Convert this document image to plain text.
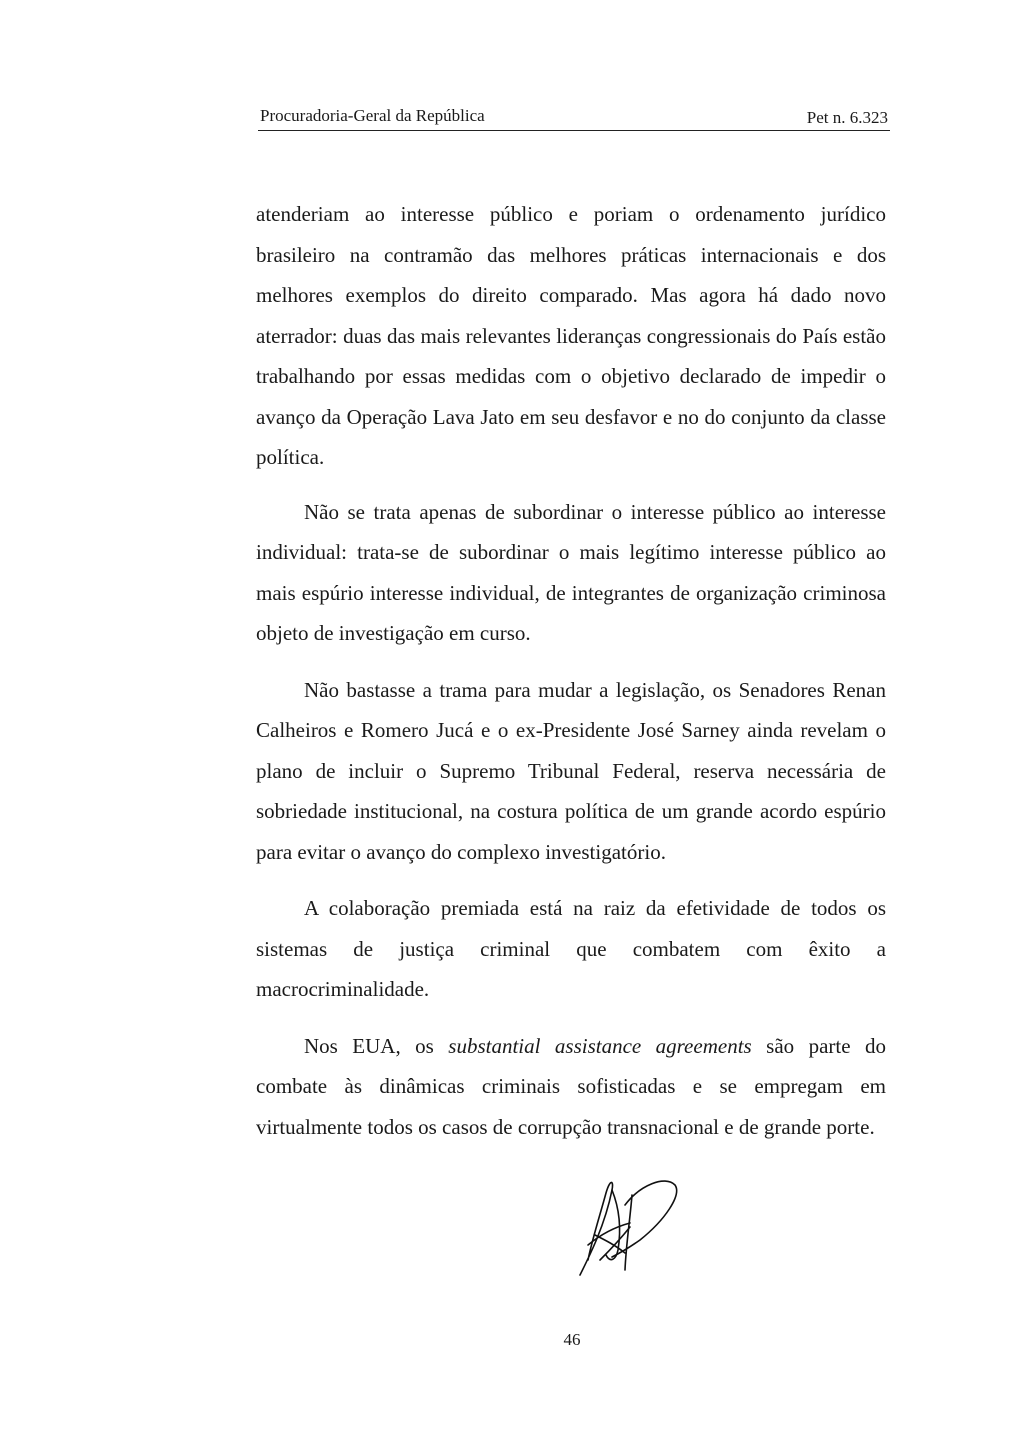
Procuradoria-Geral da República	Pet n. 6.323

atenderiam ao interesse público e poriam o ordenamento jurídico brasileiro na contramão das melhores práticas internacionais e dos melhores exemplos do direito comparado. Mas agora há dado novo aterrador: duas das mais relevantes lideranças congressionais do País estão trabalhando por essas medidas com o objetivo declarado de impedir o avanço da Operação Lava Jato em seu desfavor e no do conjunto da classe política.

Não se trata apenas de subordinar o interesse público ao interesse individual: trata-se de subordinar o mais legítimo interesse público ao mais espúrio interesse individual, de integrantes de organização criminosa objeto de investigação em curso.

Não bastasse a trama para mudar a legislação, os Senadores Renan Calheiros e Romero Jucá e o ex-Presidente José Sarney ainda revelam o plano de incluir o Supremo Tribunal Federal, reserva necessária de sobriedade institucional, na costura política de um grande acordo espúrio para evitar o avanço do complexo investigatório.

A colaboração premiada está na raiz da efetividade de todos os sistemas de justiça criminal que combatem com êxito a macrocriminalidade.

Nos EUA, os substantial assistance agreements são parte do combate às dinâmicas criminais sofisticadas e se empregam em virtualmente todos os casos de corrupção transnacional e de grande porte.

46
